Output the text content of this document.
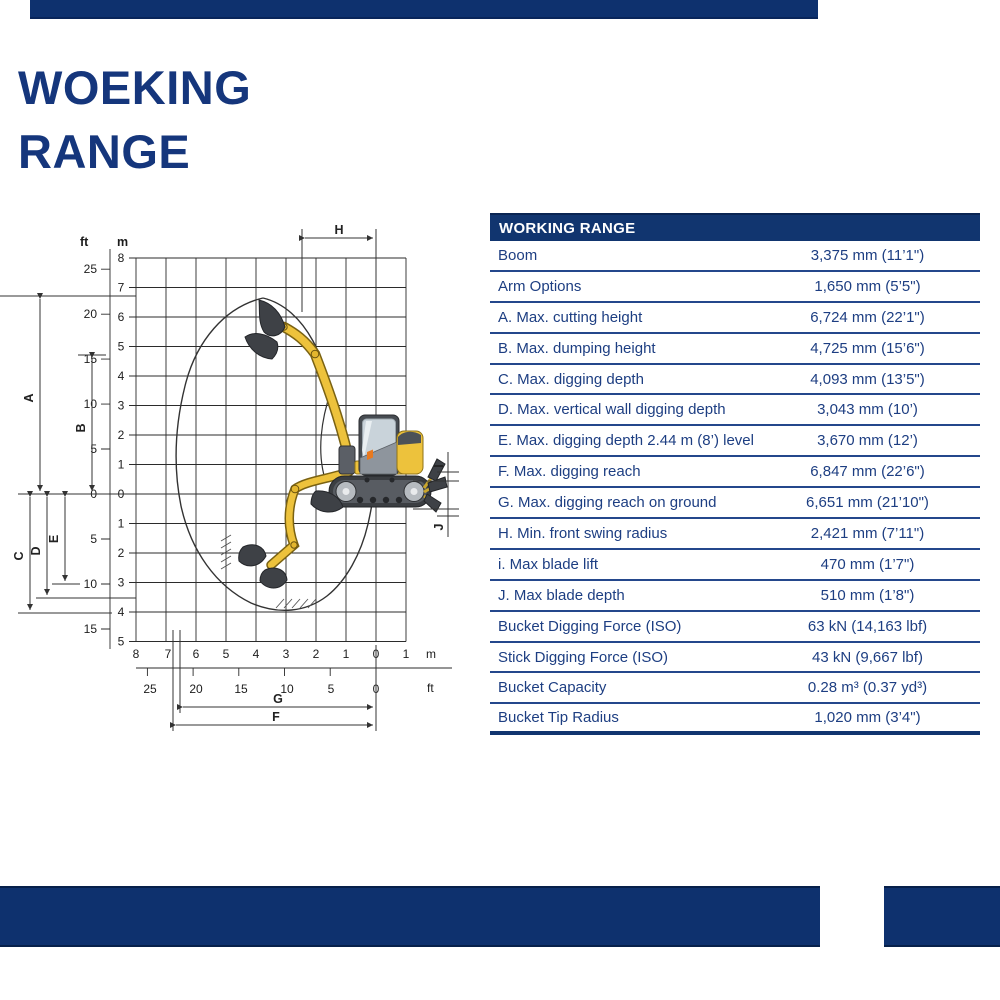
WOEKING
RANGE
ft m
25
20
15
10
5
0
5
10
15
8
7
6
5
4
3
2
1
0
1
2
3
4
5
8 7 6 5 4 3 2 1 0 1 m
25	20	15	10	5	0	ft
A
B
C
D
E
F
G
H
I
J
WORKING RANGE
Boom	3,375 mm (11’1")
Arm Options	1,650 mm (5’5")
A. Max. cutting height	6,724 mm (22’1")
B. Max. dumping height	4,725 mm (15’6")
C. Max. digging depth	4,093 mm (13’5")
D. Max. vertical wall digging depth	3,043 mm (10’)
E. Max. digging depth 2.44 m (8’) level	3,670 mm (12’)
F. Max. digging reach	6,847 mm (22’6")
G. Max. digging reach on ground	6,651 mm (21’10")
H. Min. front swing radius	2,421 mm (7’11")
i. Max blade lift	470 mm (1’7")
J. Max blade depth	510 mm (1’8")
Bucket Digging Force (ISO)	63 kN (14,163 lbf)
Stick Digging Force (ISO)	43 kN (9,667 lbf)
Bucket Capacity	0.28 m³ (0.37 yd³)
Bucket Tip Radius	1,020 mm (3’4")
